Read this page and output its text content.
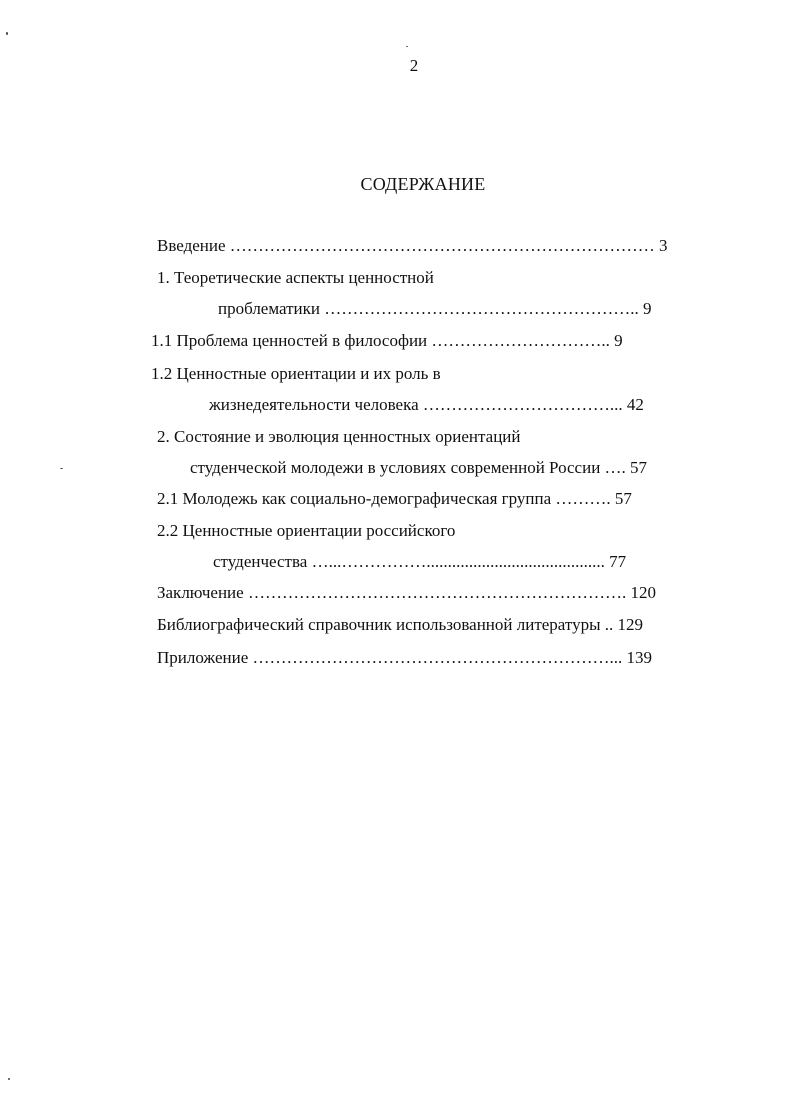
2
СОДЕРЖАНИЕ
Введение ………………………………………………………………… 3
1. Теоретические аспекты ценностной
проблематики ……………………………………………….. 9
1.1 Проблема ценностей в философии ………………………….. 9
1.2 Ценностные ориентации и их роль в
жизнедеятельности человека ……………………………... 42
2. Состояние и эволюция ценностных ориентаций
студенческой молодежи в условиях современной России …. 57
2.1 Молодежь как социально-демографическая группа ………. 57
2.2 Ценностные ориентации российского
студенчества …...…………….......................................... 77
Заключение …………………………………………………………. 120
Библиографический справочник использованной литературы .. 129
Приложение ………………………………………………………... 139
